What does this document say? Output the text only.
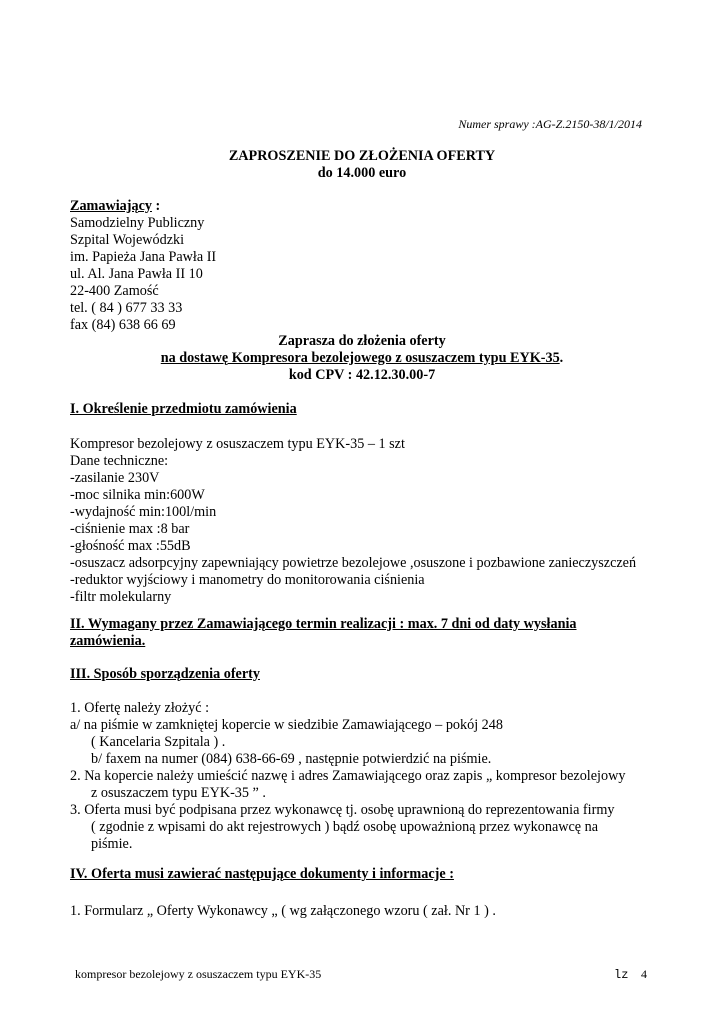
Numer sprawy :AG-Z.2150-38/1/2014
ZAPROSZENIE DO ZŁOŻENIA OFERTY
do 14.000 euro
Zamawiający :
Samodzielny Publiczny
Szpital Wojewódzki
im. Papieża Jana Pawła II
ul. Al. Jana Pawła II 10
22-400 Zamość
tel. ( 84 ) 677 33 33
fax (84) 638 66 69
Zaprasza do złożenia oferty
na dostawę Kompresora bezolejowego z osuszaczem typu EYK-35.
kod CPV : 42.12.30.00-7
I. Określenie przedmiotu zamówienia
Kompresor bezolejowy z osuszaczem typu EYK-35 – 1 szt
Dane techniczne:
-zasilanie 230V
-moc silnika min:600W
-wydajność min:100l/min
-ciśnienie max :8 bar
-głośność max :55dB
-osuszacz adsorpcyjny zapewniający powietrze bezolejowe ,osuszone i pozbawione zanieczyszczeń
-reduktor wyjściowy i manometry do monitorowania ciśnienia
-filtr molekularny
II. Wymagany przez Zamawiającego termin realizacji : max. 7 dni od daty wysłania
zamówienia.
III. Sposób sporządzenia oferty
1. Ofertę należy złożyć :
a/ na piśmie w zamkniętej kopercie w siedzibie Zamawiającego – pokój 248
( Kancelaria Szpitala ) .
b/ faxem na numer (084) 638-66-69 , następnie potwierdzić na piśmie.
2. Na kopercie należy umieścić nazwę i adres Zamawiającego oraz zapis „ kompresor bezolejowy
z osuszaczem typu EYK-35 ” .
3. Oferta musi być podpisana przez wykonawcę tj. osobę uprawnioną do reprezentowania firmy
( zgodnie z wpisami do akt rejestrowych ) bądź osobę upoważnioną przez wykonawcę na
piśmie.
IV. Oferta musi zawierać następujące dokumenty i informacje :
1. Formularz „ Oferty Wykonawcy „ ( wg załączonego wzoru ( zał. Nr 1 ) .
kompresor bezolejowy z osuszaczem typu EYK-35	lz 4
